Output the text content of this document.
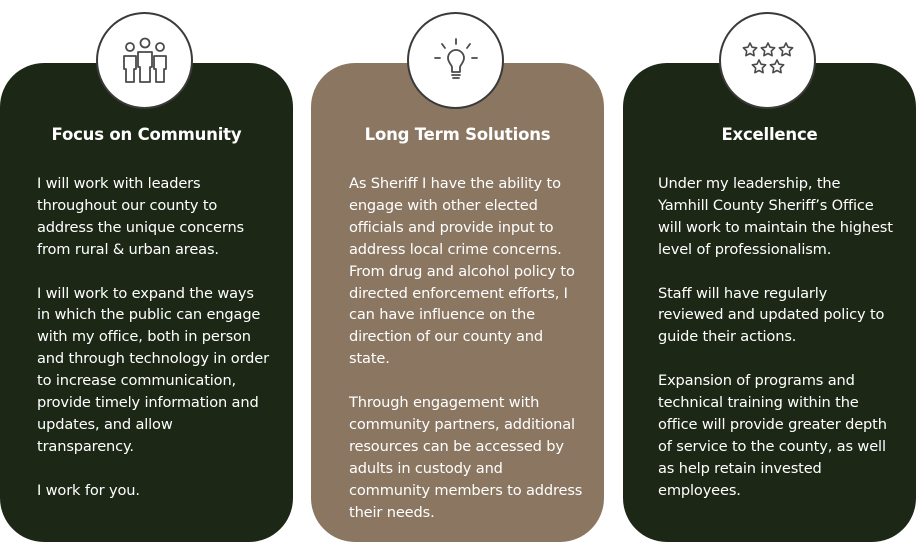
Focus on Community

I will work with leaders throughout our county to address the unique concerns from rural & urban areas.

I will work to expand the ways in which the public can engage with my office, both in person and through technology in order to increase communication, provide timely information and updates, and allow transparency.

I work for you.

Long Term Solutions

As Sheriff I have the ability to engage with other elected officials and provide input to address local crime concerns. From drug and alcohol policy to directed enforcement efforts, I can have influence on the direction of our county and state.

Through engagement with community partners, additional resources can be accessed by adults in custody and community members to address their needs.

Excellence

Under my leadership, the Yamhill County Sheriff’s Office will work to maintain the highest level of professionalism.

Staff will have regularly reviewed and updated policy to guide their actions.

Expansion of programs and technical training within the office will provide greater depth of service to the county, as well as help retain invested employees.
